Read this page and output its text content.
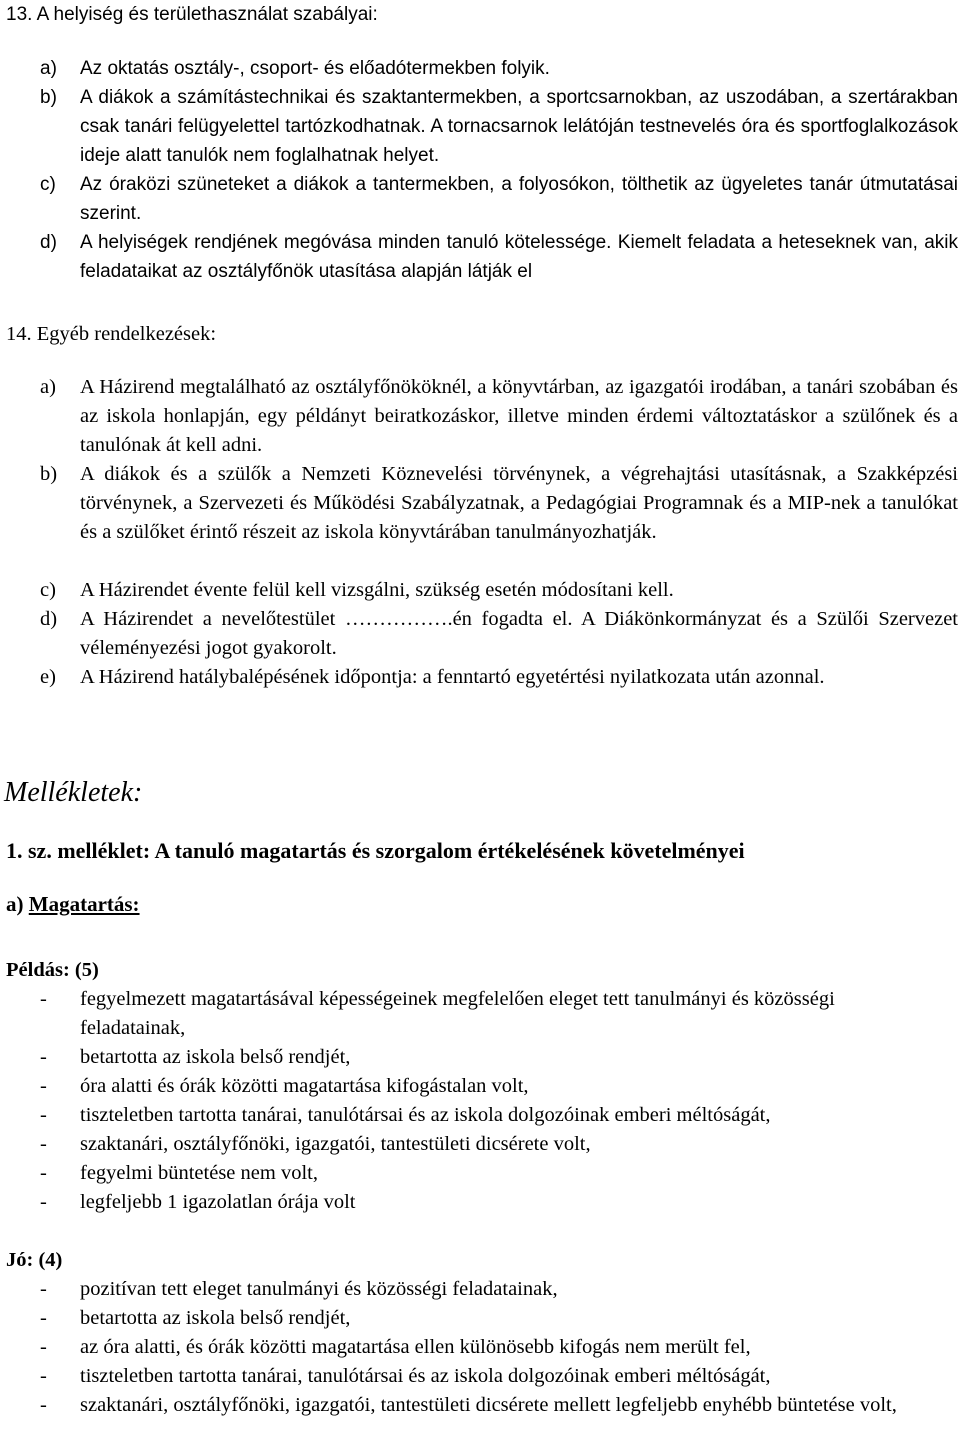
13. A helyiség és területhasználat szabályai:

a) Az oktatás osztály-, csoport- és előadótermekben folyik.
b) A diákok a számítástechnikai és szaktantermekben, a sportcsarnokban, az uszodában, a szertárakban csak tanári felügyelettel tartózkodhatnak. A tornacsarnok lelátóján testnevelés óra és sportfoglalkozások ideje alatt tanulók nem foglalhatnak helyet.
c) Az óraközi szüneteket a diákok a tantermekben, a folyosókon, tölthetik az ügyeletes tanár útmutatásai szerint.
d) A helyiségek rendjének megóvása minden tanuló kötelessége. Kiemelt feladata a heteseknek van, akik feladataikat az osztályfőnök utasítása alapján látják el

14. Egyéb rendelkezések:

a) A Házirend megtalálható az osztályfőnököknél, a könyvtárban, az igazgatói irodában, a tanári szobában és az iskola honlapján, egy példányt beiratkozáskor, illetve minden érdemi változtatáskor a szülőnek és a tanulónak át kell adni.
b) A diákok és a szülők a Nemzeti Köznevelési törvénynek, a végrehajtási utasításnak, a Szakképzési törvénynek, a Szervezeti és Működési Szabályzatnak, a Pedagógiai Programnak és a MIP-nek a tanulókat és a szülőket érintő részeit az iskola könyvtárában tanulmányozhatják.
c) A Házirendet évente felül kell vizsgálni, szükség esetén módosítani kell.
d) A Házirendet a nevelőtestület …………….én fogadta el. A Diákönkormányzat és a Szülői Szervezet véleményezési jogot gyakorolt.
e) A Házirend hatálybalépésének időpontja: a fenntartó egyetértési nyilatkozata után azonnal.

Mellékletek:

1. sz. melléklet: A tanuló magatartás és szorgalom értékelésének követelményei

a) Magatartás:

Példás: (5)

- fegyelmezett magatartásával képességeinek megfelelően eleget tett tanulmányi és közösségi feladatainak,
- betartotta az iskola belső rendjét,
- óra alatti és órák közötti magatartása kifogástalan volt,
- tiszteletben tartotta tanárai, tanulótársai és az iskola dolgozóinak emberi méltóságát,
- szaktanári, osztályfőnöki, igazgatói, tantestületi dicsérete volt,
- fegyelmi büntetése nem volt,
- legfeljebb 1 igazolatlan órája volt

Jó: (4)

- pozitívan tett eleget tanulmányi és közösségi feladatainak,
- betartotta az iskola belső rendjét,
- az óra alatti, és órák közötti magatartása ellen különösebb kifogás nem merült fel,
- tiszteletben tartotta tanárai, tanulótársai és az iskola dolgozóinak emberi méltóságát,
- szaktanári, osztályfőnöki, igazgatói, tantestületi dicsérete mellett legfeljebb enyhébb büntetése volt,
